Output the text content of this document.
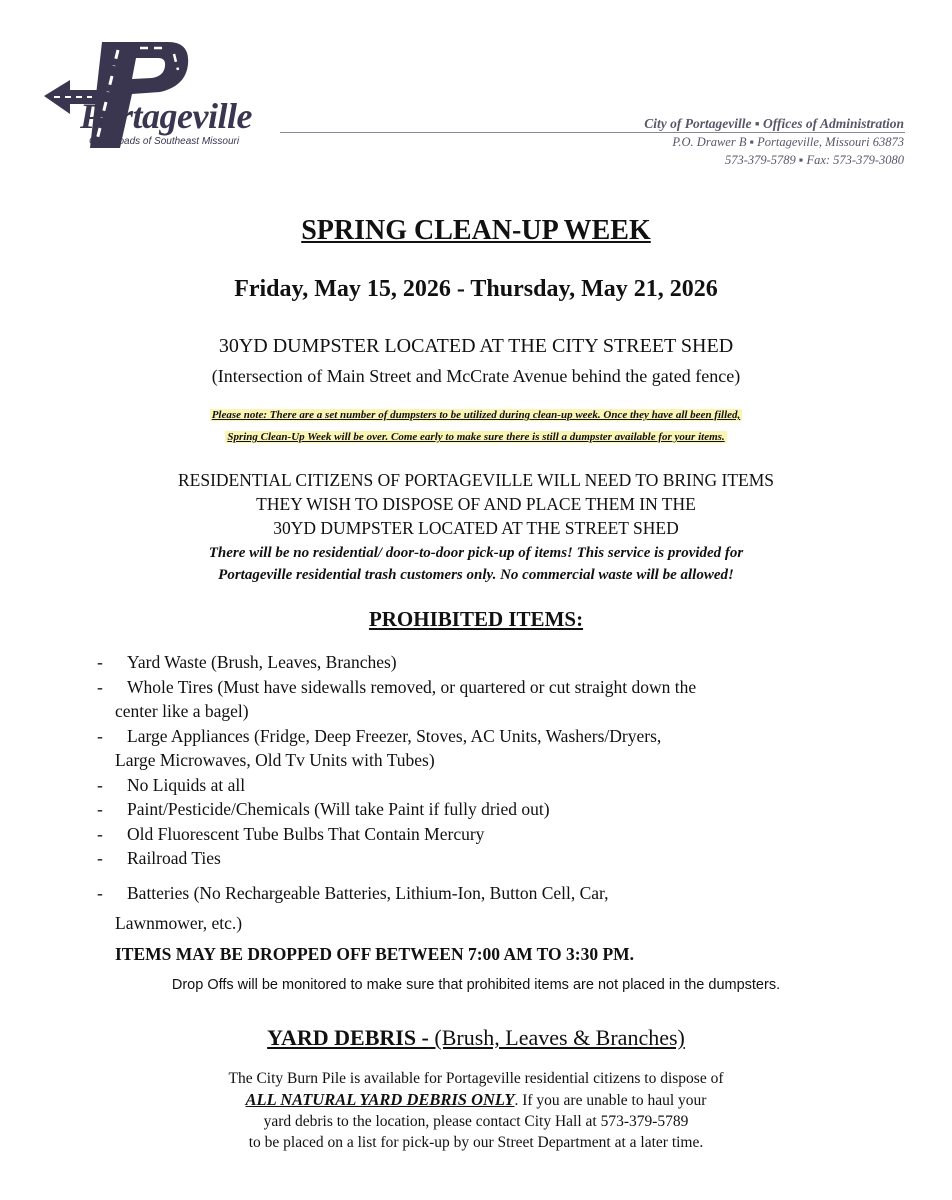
Portageville
Crossroads of Southeast Missouri
City of Portageville ▪ Offices of Administration
P.O. Drawer B ▪ Portageville, Missouri 63873
573-379-5789 ▪ Fax: 573-379-3080
SPRING CLEAN-UP WEEK
Friday, May 15, 2026 - Thursday, May 21, 2026
30YD DUMPSTER LOCATED AT THE CITY STREET SHED
(Intersection of Main Street and McCrate Avenue behind the gated fence)
Please note: There are a set number of dumpsters to be utilized during clean-up week. Once they have all been filled,
Spring Clean-Up Week will be over. Come early to make sure there is still a dumpster available for your items.
RESIDENTIAL CITIZENS OF PORTAGEVILLE WILL NEED TO BRING ITEMS
THEY WISH TO DISPOSE OF AND PLACE THEM IN THE
30YD DUMPSTER LOCATED AT THE STREET SHED
There will be no residential/ door-to-door pick-up of items! This service is provided for
Portageville residential trash customers only. No commercial waste will be allowed!
PROHIBITED ITEMS:
- Yard Waste (Brush, Leaves, Branches)
- Whole Tires (Must have sidewalls removed, or quartered or cut straight down the
center like a bagel)
- Large Appliances (Fridge, Deep Freezer, Stoves, AC Units, Washers/Dryers,
Large Microwaves, Old Tv Units with Tubes)
- No Liquids at all
- Paint/Pesticide/Chemicals (Will take Paint if fully dried out)
- Old Fluorescent Tube Bulbs That Contain Mercury
- Railroad Ties
- Batteries (No Rechargeable Batteries, Lithium-Ion, Button Cell, Car,
Lawnmower, etc.)
ITEMS MAY BE DROPPED OFF BETWEEN 7:00 AM TO 3:30 PM.
Drop Offs will be monitored to make sure that prohibited items are not placed in the dumpsters.
YARD DEBRIS - (Brush, Leaves & Branches)
The City Burn Pile is available for Portageville residential citizens to dispose of
ALL NATURAL YARD DEBRIS ONLY. If you are unable to haul your
yard debris to the location, please contact City Hall at 573-379-5789
to be placed on a list for pick-up by our Street Department at a later time.
